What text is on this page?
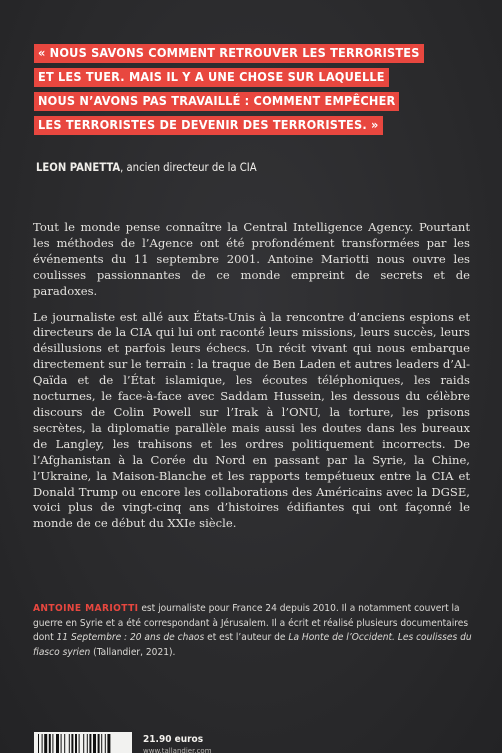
« NOUS SAVONS COMMENT RETROUVER LES TERRORISTES
ET LES TUER. MAIS IL Y A UNE CHOSE SUR LAQUELLE
NOUS N’AVONS PAS TRAVAILLÉ : COMMENT EMPÊCHER
LES TERRORISTES DE DEVENIR DES TERRORISTES. »
LEON PANETTA, ancien directeur de la CIA

Tout le monde pense connaître la Central Intelligence Agency. Pourtant les méthodes de l’Agence ont été profondément transformées par les événements du 11 septembre 2001. Antoine Mariotti nous ouvre les coulisses passionnantes de ce monde empreint de secrets et de paradoxes.

Le journaliste est allé aux États-Unis à la rencontre d’anciens espions et directeurs de la CIA qui lui ont raconté leurs missions, leurs succès, leurs désillusions et parfois leurs échecs. Un récit vivant qui nous embarque directement sur le terrain : la traque de Ben Laden et autres leaders d’Al-Qaïda et de l’État islamique, les écoutes téléphoniques, les raids nocturnes, le face-à-face avec Saddam Hussein, les dessous du célèbre discours de Colin Powell sur l’Irak à l’ONU, la torture, les prisons secrètes, la diplomatie parallèle mais aussi les doutes dans les bureaux de Langley, les trahisons et les ordres politiquement incorrects. De l’Afghanistan à la Corée du Nord en passant par la Syrie, la Chine, l’Ukraine, la Maison-Blanche et les rapports tempétueux entre la CIA et Donald Trump ou encore les collaborations des Américains avec la DGSE, voici plus de vingt-cinq ans d’histoires édifiantes qui ont façonné le monde de ce début du XXIe siècle.

ANTOINE MARIOTTI est journaliste pour France 24 depuis 2010. Il a notamment couvert la guerre en Syrie et a été correspondant à Jérusalem. Il a écrit et réalisé plusieurs documentaires dont 11 Septembre : 20 ans de chaos et est l’auteur de La Honte de l’Occident. Les coulisses du fiasco syrien (Tallandier, 2021).
21.90 euros
www.tallandier.com
